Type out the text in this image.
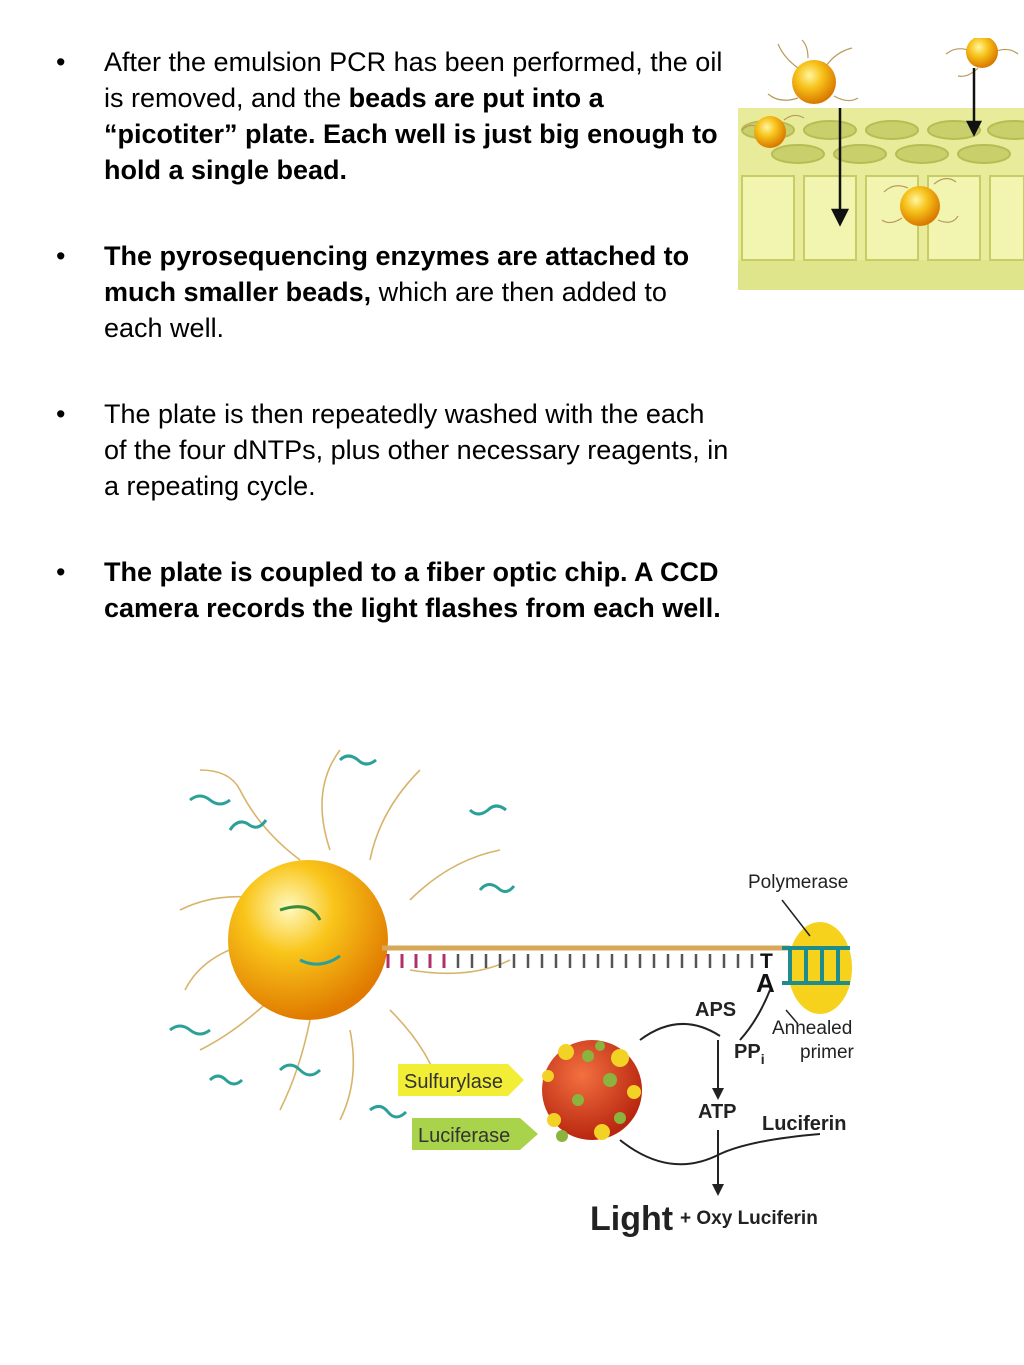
• After the emulsion PCR has been performed, the oil is removed, and the beads are put into a “picotiter” plate. Each well is just big enough to hold a single bead.
• The pyrosequencing enzymes are attached to much smaller beads, which are then added to each well.
• The plate is then repeatedly washed with the each of the four dNTPs, plus other necessary reagents, in a repeating cycle.
• The plate is coupled to a fiber optic chip. A CCD camera records the light flashes from each well.
Polymerase
T
A
Annealed
primer
APS
$PP_i$
ATP
Luciferin
Light + Oxy Luciferin
Sulfurylase
Luciferase
